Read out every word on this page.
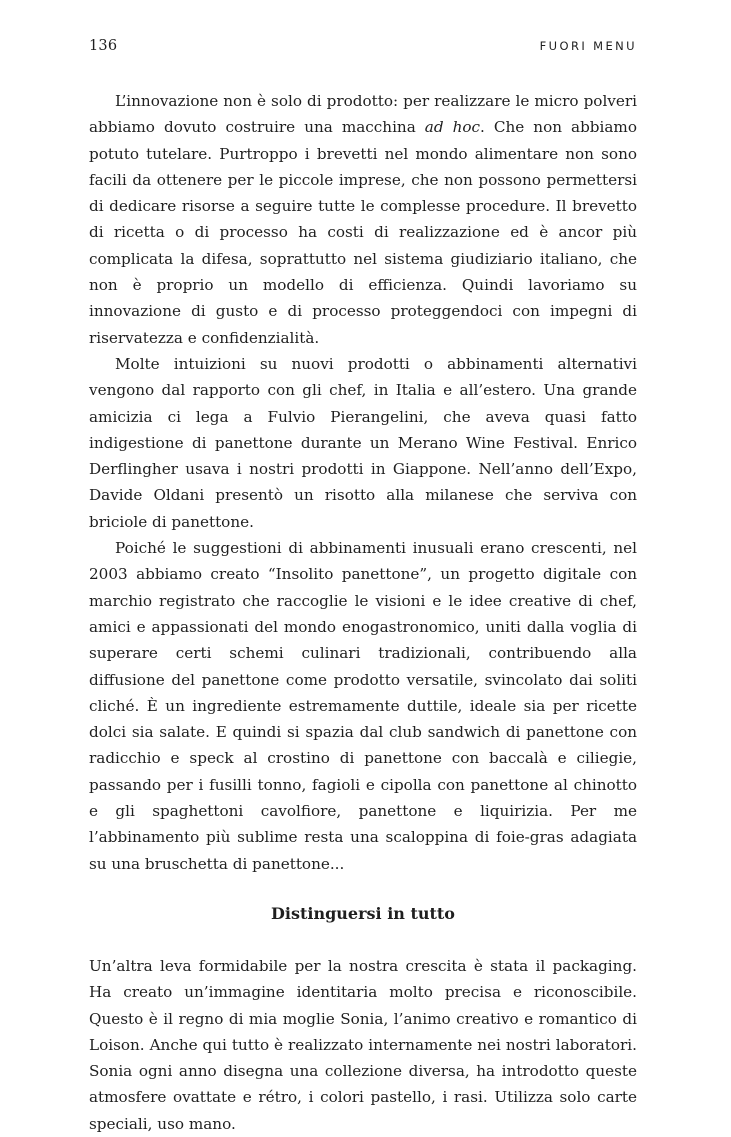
136	FUORI MENU

L’innovazione non è solo di prodotto: per realizzare le micro polveri abbiamo dovuto costruire una macchina ad hoc. Che non abbiamo potuto tutelare. Purtroppo i brevetti nel mondo alimentare non sono facili da ottenere per le piccole imprese, che non possono permettersi di dedicare risorse a seguire tutte le complesse procedure. Il brevetto di ricetta o di processo ha costi di realizzazione ed è ancor più complicata la difesa, soprattutto nel sistema giudiziario italiano, che non è proprio un modello di efficienza. Quindi lavoriamo su innovazione di gusto e di processo proteggendoci con impegni di riservatezza e confidenzialità.

Molte intuizioni su nuovi prodotti o abbinamenti alternativi vengono dal rapporto con gli chef, in Italia e all’estero. Una grande amicizia ci lega a Fulvio Pierangelini, che aveva quasi fatto indigestione di panettone durante un Merano Wine Festival. Enrico Derflingher usava i nostri prodotti in Giappone. Nell’anno dell’Expo, Davide Oldani presentò un risotto alla milanese che serviva con briciole di panettone.

Poiché le suggestioni di abbinamenti inusuali erano crescenti, nel 2003 abbiamo creato “Insolito panettone”, un progetto digitale con marchio registrato che raccoglie le visioni e le idee creative di chef, amici e appassionati del mondo enogastronomico, uniti dalla voglia di superare certi schemi culinari tradizionali, contribuendo alla diffusione del panettone come prodotto versatile, svincolato dai soliti cliché. È un ingrediente estremamente duttile, ideale sia per ricette dolci sia salate. E quindi si spazia dal club sandwich di panettone con radicchio e speck al crostino di panettone con baccalà e ciliegie, passando per i fusilli tonno, fagioli e cipolla con panettone al chinotto e gli spaghettoni cavolfiore, panettone e liquirizia. Per me l’abbinamento più sublime resta una scaloppina di foie-gras adagiata su una bruschetta di panettone...

Distinguersi in tutto

Un’altra leva formidabile per la nostra crescita è stata il packaging. Ha creato un’immagine identitaria molto precisa e riconoscibile. Questo è il regno di mia moglie Sonia, l’animo creativo e romantico di Loison. Anche qui tutto è realizzato internamente nei nostri laboratori. Sonia ogni anno disegna una collezione diversa, ha introdotto queste atmosfere ovattate e rétro, i colori pastello, i rasi. Utilizza solo carte speciali, uso mano.
